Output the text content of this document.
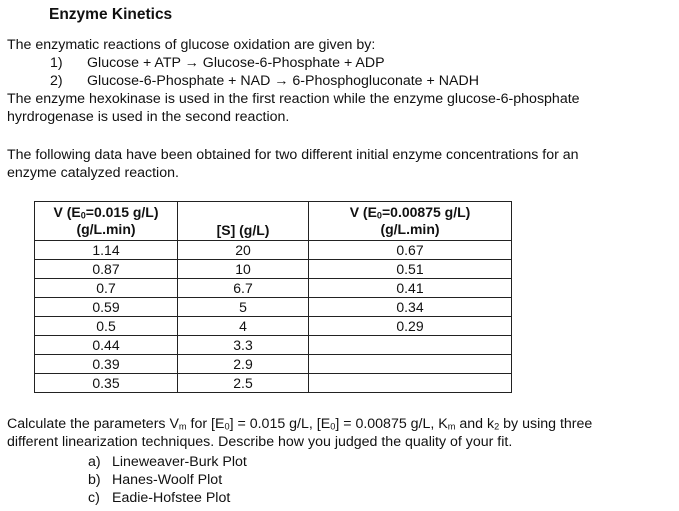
Enzyme Kinetics
The enzymatic reactions of glucose oxidation are given by:
1) Glucose + ATP → Glucose-6-Phosphate + ADP
2) Glucose-6-Phosphate + NAD → 6-Phosphogluconate + NADH
The enzyme hexokinase is used in the first reaction while the enzyme glucose-6-phosphate
hyrdrogenase is used in the second reaction.
The following data have been obtained for two different initial enzyme concentrations for an
enzyme catalyzed reaction.
V ($E_0=0.015$ g/L)
(g/L.min)	[S] (g/L)	V ($E_0=0.00875$ g/L)
(g/L.min)
1.14	20	0.67
0.87	10	0.51
0.7	6.7	0.41
0.59	5	0.34
0.5	4	0.29
0.44	3.3	
0.39	2.9	
0.35	2.5	
Calculate the parameters $V_m$ for $[E_0] = 0.015$ g/L, $[E_0] = 0.00875$ g/L, $K_m$ and $k_2$ by using three
different linearization techniques. Describe how you judged the quality of your fit.
a) Lineweaver-Burk Plot
b) Hanes-Woolf Plot
c) Eadie-Hofstee Plot
